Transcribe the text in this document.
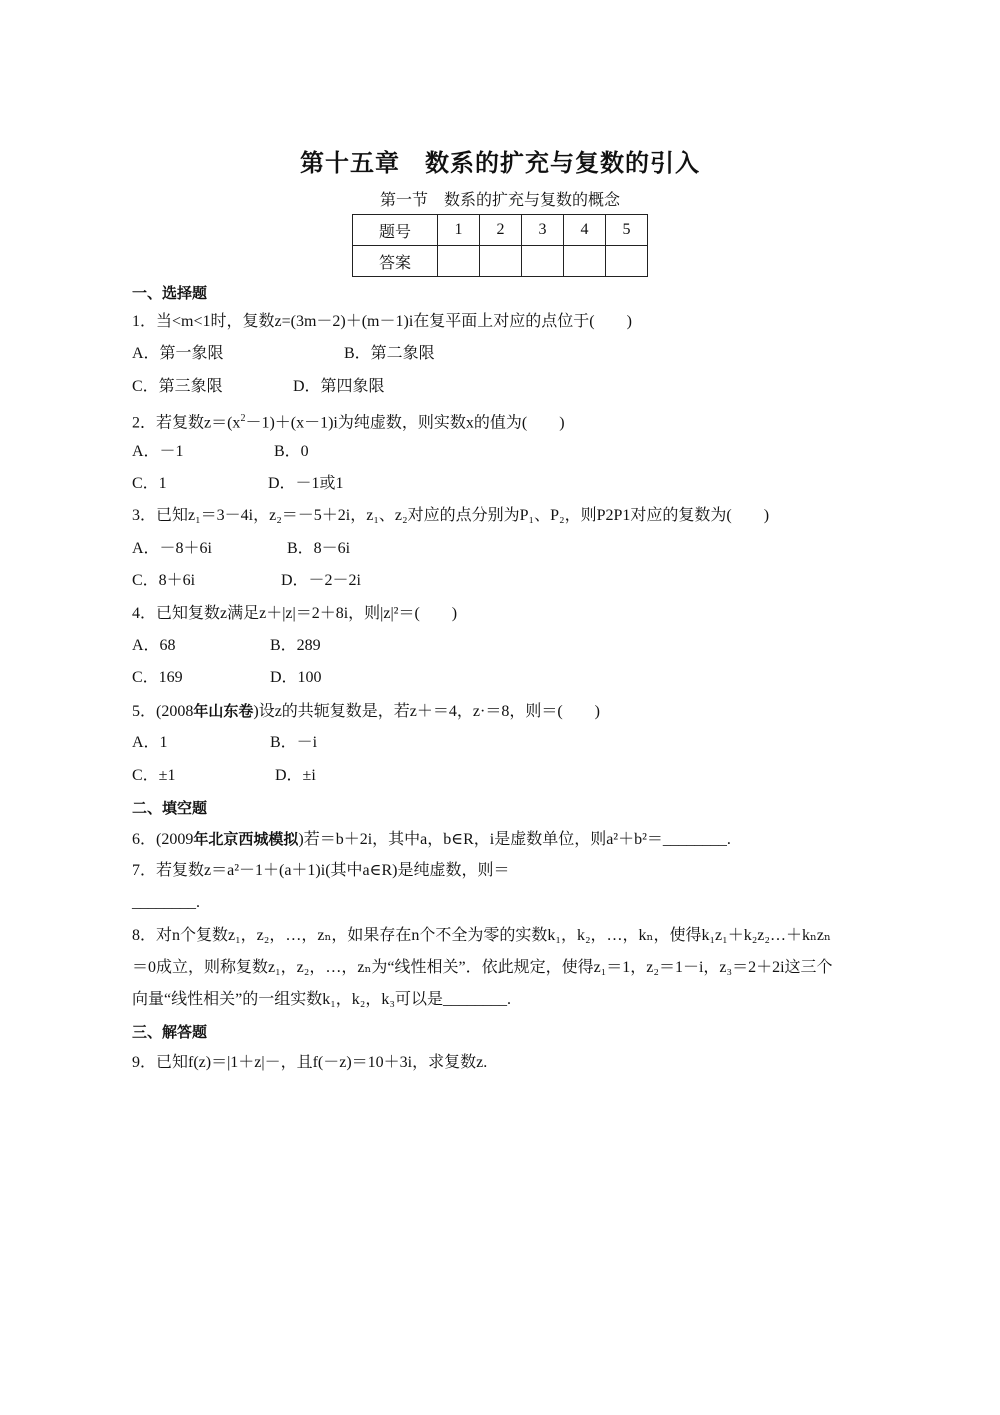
第十五章　数系的扩充与复数的引入
第一节　数系的扩充与复数的概念
题号	1	2	3	4	5
答案					
一、选择题
1．当<m<1时，复数z=(3m－2)＋(m－1)i在复平面上对应的点位于(　　)
A．第一象限	B．第二象限
C．第三象限	D．第四象限
2．若复数$z=(x^2-1)+(x-1)i$为纯虚数，则实数x的值为(　　)
A．－1	B．0
C．1	D．－1或1
3．已知z₁＝3－4i，z₂＝－5＋2i，z₁、z₂对应的点分别为P₁、P₂，则P2P1对应的复数为(　　)
A．－8＋6i	B．8－6i
C．8＋6i	D．－2－2i
4．已知复数z满足z＋|z|＝2＋8i，则|z|²＝(　　)
A．68	B．289
C．169	D．100
5．(2008年山东卷)设z的共轭复数是，若z＋＝4，z·＝8，则＝(　　)
A．1	B．－i
C．±1	D．±i
二、填空题
6．(2009年北京西城模拟)若＝b＋2i，其中a，b∈R，i是虚数单位，则a²＋b²＝________.
7．若复数z＝a²－1＋(a＋1)i(其中a∈R)是纯虚数，则＝
________.
8．对n个复数z₁，z₂，…，zₙ，如果存在n个不全为零的实数k₁，k₂，…，kₙ，使得k₁z₁＋k₂z₂…＋kₙzₙ
＝0成立，则称复数z₁，z₂，…，zₙ为“线性相关”．依此规定，使得z₁＝1，z₂＝1－i，z₃＝2＋2i这三个
向量“线性相关”的一组实数k₁，k₂，k₃可以是________.
三、解答题
9．已知f(z)＝|1＋z|－，且f(－z)＝10＋3i，求复数z.
